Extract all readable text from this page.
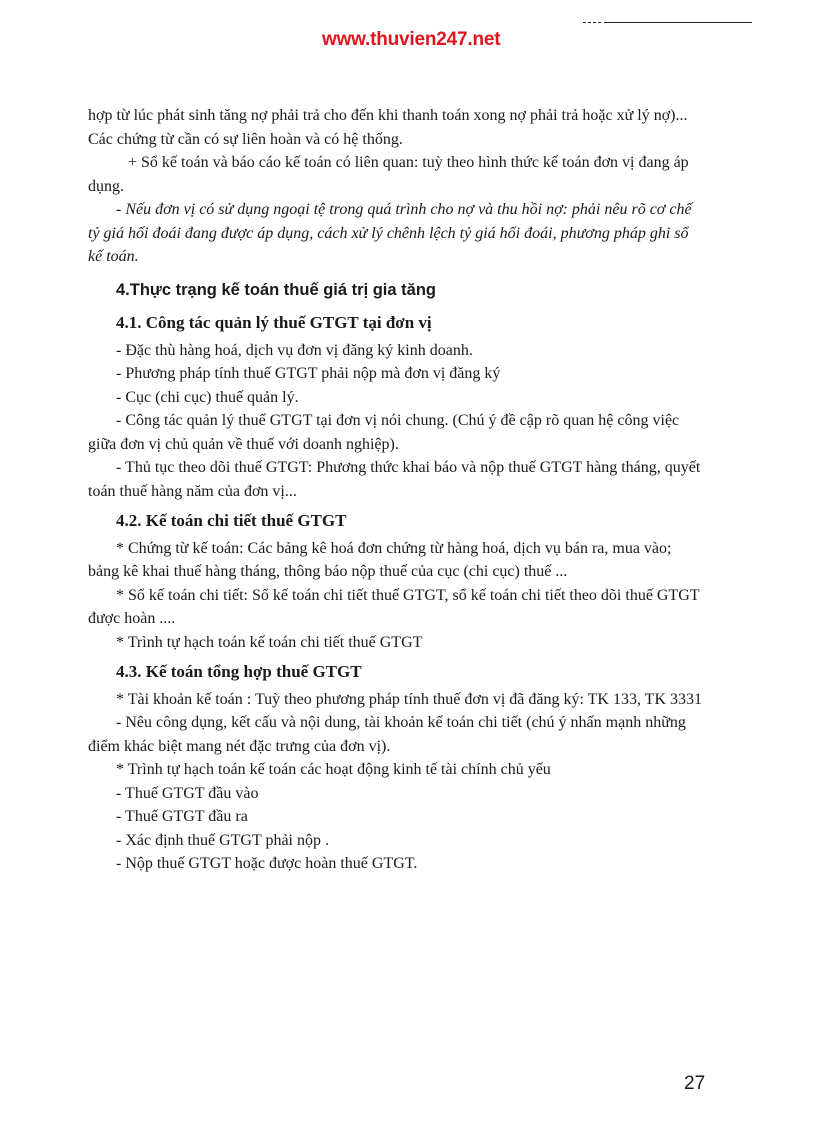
www.thuvien247.net

hợp từ lúc phát sinh tăng nợ phải trả cho đến khi thanh toán xong nợ phải trả hoặc xử lý nợ)... Các chứng từ cần có sự liên hoàn và có hệ thống.

+ Sổ kế toán và báo cáo kế toán có liên quan: tuỳ theo hình thức kế toán đơn vị đang áp dụng.

- Nếu đơn vị có sử dụng ngoại tệ trong quá trình cho nợ và thu hồi nợ: phải nêu rõ cơ chế tỷ giá hối đoái đang được áp dụng, cách xử lý chênh lệch tỷ giá hối đoái, phương pháp ghi sổ kế toán.

4.Thực trạng kế toán thuế giá trị gia tăng

4.1. Công tác quản lý thuế GTGT tại đơn vị

- Đặc thù hàng hoá, dịch vụ đơn vị đăng ký kinh doanh.

- Phương pháp tính thuế GTGT phải nộp mà đơn vị đăng ký

- Cục (chi cục) thuế quản lý.

- Công tác quản lý thuế GTGT tại đơn vị nói chung. (Chú ý đề cập rõ quan hệ công việc giữa đơn vị chủ quản về thuế với doanh nghiệp).

- Thủ tục theo dõi thuế GTGT: Phương thức khai báo và nộp thuế GTGT hàng tháng, quyết toán thuế hàng năm của đơn vị...

4.2. Kế toán chi tiết thuế GTGT

* Chứng từ kế toán: Các bảng kê hoá đơn chứng từ hàng hoá, dịch vụ bán ra, mua vào; bảng kê khai thuế hàng tháng, thông báo nộp thuế của cục (chi cục) thuế ...

* Sổ kế toán chi tiết: Sổ kế toán chi tiết thuế GTGT, sổ kế toán chi tiết theo dõi thuế GTGT được hoàn ....

* Trình tự hạch toán kế toán chi tiết thuế GTGT

4.3. Kế toán tổng hợp thuế GTGT

* Tài khoản kế toán : Tuỳ theo phương pháp tính thuế đơn vị đã đăng ký: TK 133, TK 3331

- Nêu công dụng, kết cấu và nội dung, tài khoản kế toán chi tiết (chú ý nhấn mạnh những điểm khác biệt mang nét đặc trưng của đơn vị).

* Trình tự hạch toán kế toán các hoạt động kinh tế tài chính chủ yếu

- Thuế GTGT đầu vào

- Thuế GTGT đầu ra

- Xác định thuế GTGT phải nộp .

- Nộp thuế GTGT hoặc được hoàn thuế GTGT.

27
